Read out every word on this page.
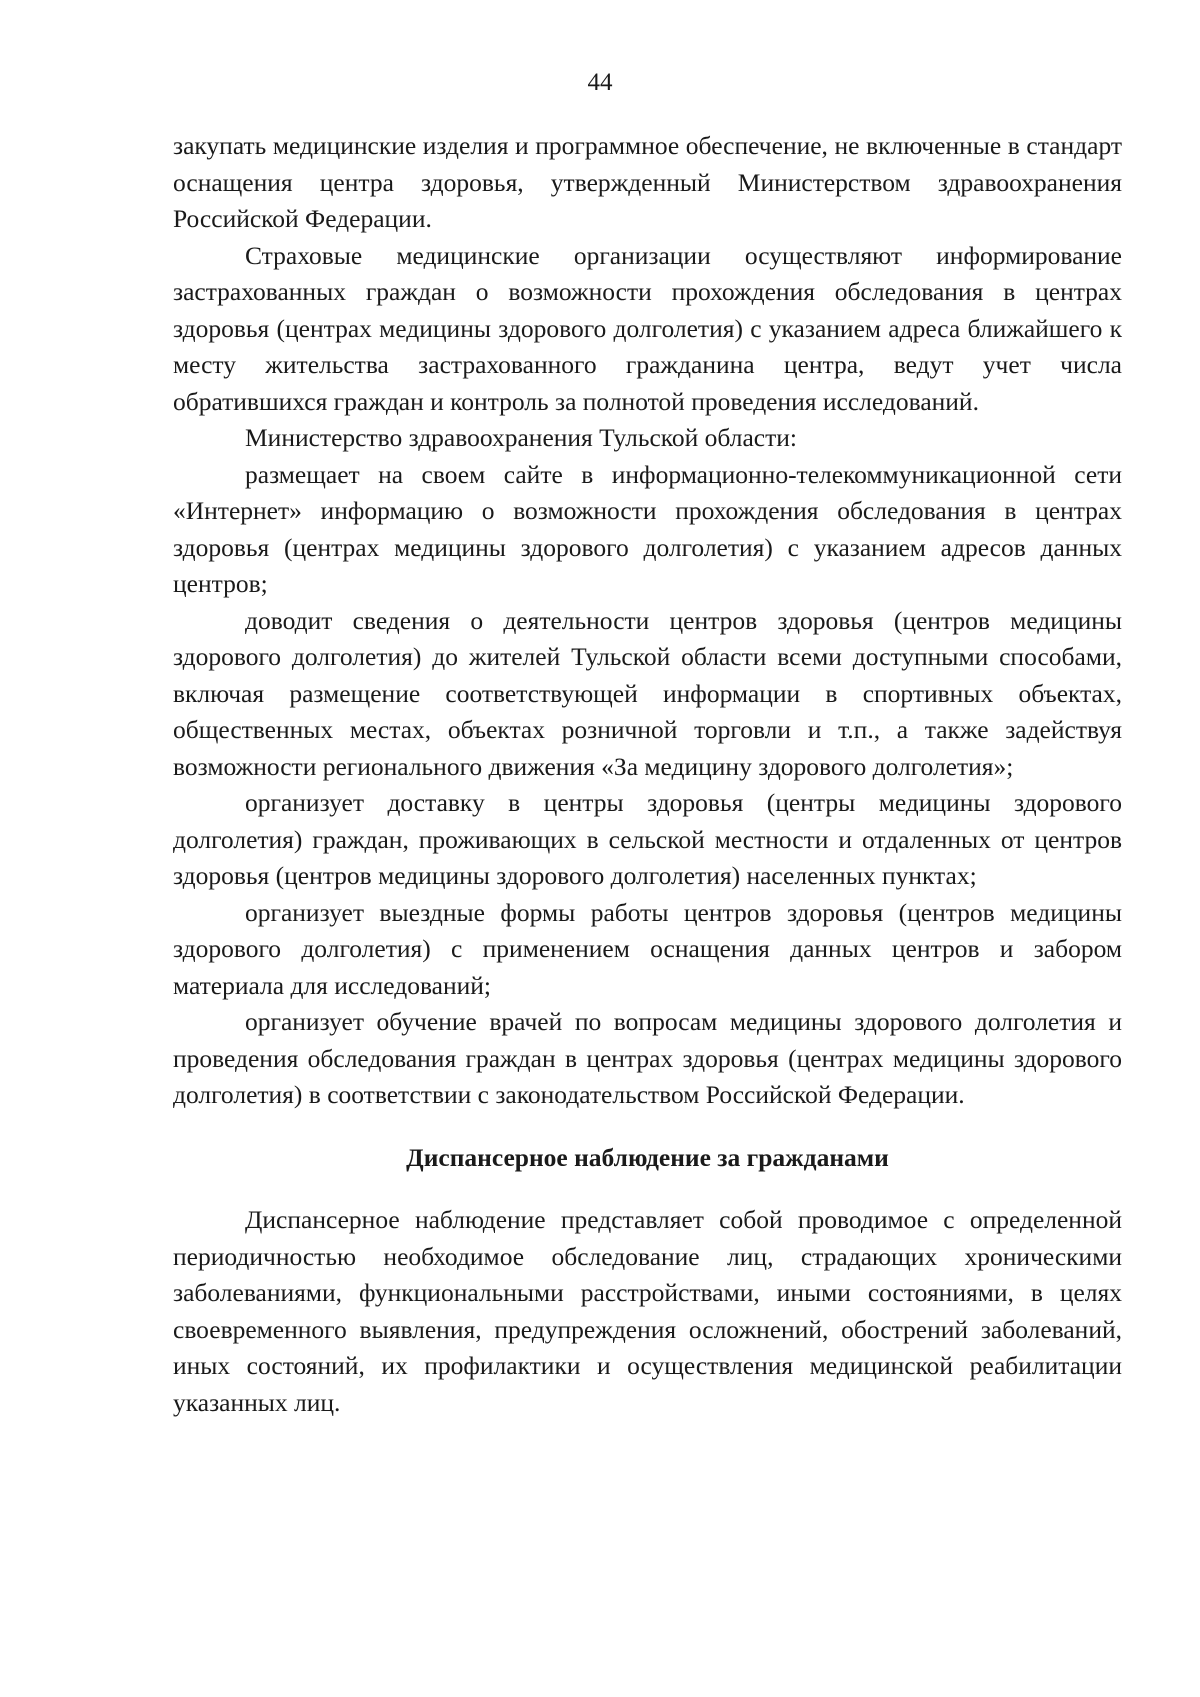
44

закупать медицинские изделия и программное обеспечение, не включенные в стандарт оснащения центра здоровья, утвержденный Министерством здравоохранения Российской Федерации.

Страховые медицинские организации осуществляют информирование застрахованных граждан о возможности прохождения обследования в центрах здоровья (центрах медицины здорового долголетия) с указанием адреса ближайшего к месту жительства застрахованного гражданина центра, ведут учет числа обратившихся граждан и контроль за полнотой проведения исследований.

Министерство здравоохранения Тульской области:

размещает на своем сайте в информационно-телекоммуникационной сети «Интернет» информацию о возможности прохождения обследования в центрах здоровья (центрах медицины здорового долголетия) с указанием адресов данных центров;

доводит сведения о деятельности центров здоровья (центров медицины здорового долголетия) до жителей Тульской области всеми доступными способами, включая размещение соответствующей информации в спортивных объектах, общественных местах, объектах розничной торговли и т.п., а также задействуя возможности регионального движения «За медицину здорового долголетия»;

организует доставку в центры здоровья (центры медицины здорового долголетия) граждан, проживающих в сельской местности и отдаленных от центров здоровья (центров медицины здорового долголетия) населенных пунктах;

организует выездные формы работы центров здоровья (центров медицины здорового долголетия) с применением оснащения данных центров и забором материала для исследований;

организует обучение врачей по вопросам медицины здорового долголетия и проведения обследования граждан в центрах здоровья (центрах медицины здорового долголетия) в соответствии с законодательством Российской Федерации.

Диспансерное наблюдение за гражданами

Диспансерное наблюдение представляет собой проводимое с определенной периодичностью необходимое обследование лиц, страдающих хроническими заболеваниями, функциональными расстройствами, иными состояниями, в целях своевременного выявления, предупреждения осложнений, обострений заболеваний, иных состояний, их профилактики и осуществления медицинской реабилитации указанных лиц.
